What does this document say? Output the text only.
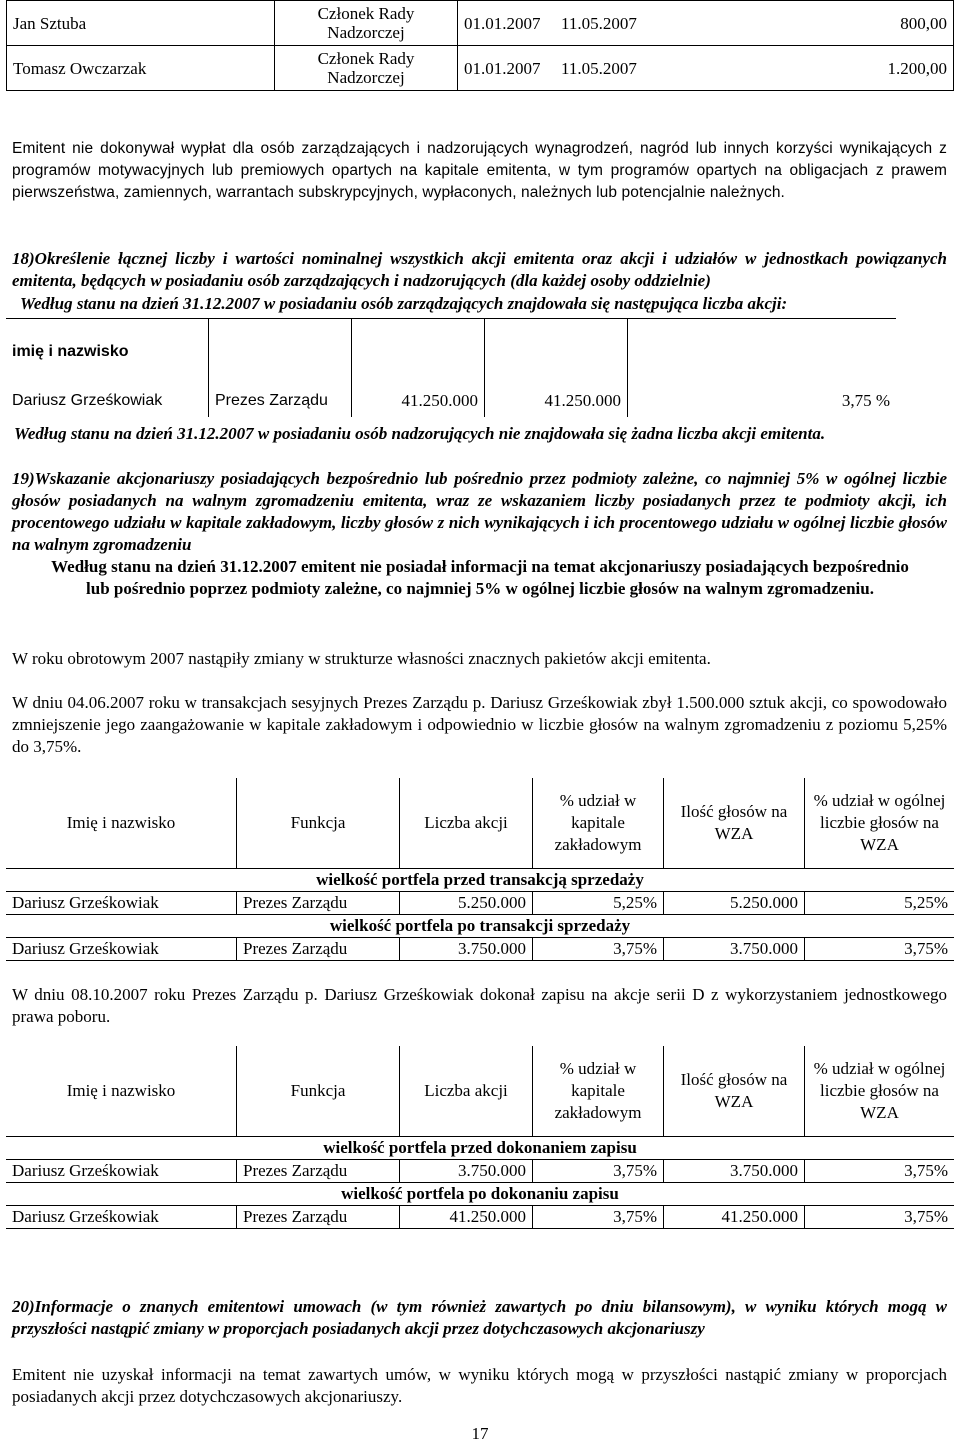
Jan Sztuba	Członek Rady Nadzorczej	01.01.2007 11.05.2007	800,00
Tomasz Owczarzak	Członek Rady Nadzorczej	01.01.2007 11.05.2007	1.200,00
Emitent nie dokonywał wypłat dla osób zarządzających i nadzorujących wynagrodzeń, nagród lub innych korzyści wynikających z programów motywacyjnych lub premiowych opartych na kapitale emitenta, w tym programów opartych na obligacjach z prawem pierwszeństwa, zamiennych, warrantach subskrypcyjnych, wypłaconych, należnych lub potencjalnie należnych.
18)Określenie łącznej liczby i wartości nominalnej wszystkich akcji emitenta oraz akcji i udziałów w jednostkach powiązanych emitenta, będących w posiadaniu osób zarządzających i nadzorujących (dla każdej osoby oddzielnie)
Według stanu na dzień 31.12.2007 w posiadaniu osób zarządzających znajdowała się następująca liczba akcji:
imię i nazwisko				
Dariusz Grześkowiak	Prezes Zarządu	41.250.000	41.250.000	3,75 %
Według stanu na dzień 31.12.2007 w posiadaniu osób nadzorujących nie znajdowała się żadna liczba akcji emitenta.
19)Wskazanie akcjonariuszy posiadających bezpośrednio lub pośrednio przez podmioty zależne, co najmniej 5% w ogólnej liczbie głosów posiadanych na walnym zgromadzeniu emitenta, wraz ze wskazaniem liczby posiadanych przez te podmioty akcji, ich procentowego udziału w kapitale zakładowym, liczby głosów z nich wynikających i ich procentowego udziału w ogólnej liczbie głosów na walnym zgromadzeniu
Według stanu na dzień 31.12.2007 emitent nie posiadał informacji na temat akcjonariuszy posiadających bezpośrednio lub pośrednio poprzez podmioty zależne, co najmniej 5% w ogólnej liczbie głosów na walnym zgromadzeniu.
W roku obrotowym 2007 nastąpiły zmiany w strukturze własności znacznych pakietów akcji emitenta.
W dniu 04.06.2007 roku w transakcjach sesyjnych Prezes Zarządu p. Dariusz Grześkowiak zbył 1.500.000 sztuk akcji, co spowodowało zmniejszenie jego zaangażowanie w kapitale zakładowym i odpowiednio w liczbie głosów na walnym zgromadzeniu z poziomu 5,25% do 3,75%.
Imię i nazwisko	Funkcja	Liczba akcji	% udział w kapitale zakładowym	Ilość głosów na WZA	% udział w ogólnej liczbie głosów na WZA
wielkość portfela przed transakcją sprzedaży					
Dariusz Grześkowiak	Prezes Zarządu	5.250.000	5,25%	5.250.000	5,25%
wielkość portfela po transakcji sprzedaży					
Dariusz Grześkowiak	Prezes Zarządu	3.750.000	3,75%	3.750.000	3,75%
W dniu 08.10.2007 roku Prezes Zarządu p. Dariusz Grześkowiak dokonał zapisu na akcje serii D z wykorzystaniem jednostkowego prawa poboru.
Imię i nazwisko	Funkcja	Liczba akcji	% udział w kapitale zakładowym	Ilość głosów na WZA	% udział w ogólnej liczbie głosów na WZA
wielkość portfela przed dokonaniem zapisu					
Dariusz Grześkowiak	Prezes Zarządu	3.750.000	3,75%	3.750.000	3,75%
wielkość portfela po dokonaniu zapisu					
Dariusz Grześkowiak	Prezes Zarządu	41.250.000	3,75%	41.250.000	3,75%
20)Informacje o znanych emitentowi umowach (w tym również zawartych po dniu bilansowym), w wyniku których mogą w przyszłości nastąpić zmiany w proporcjach posiadanych akcji przez dotychczasowych akcjonariuszy
Emitent nie uzyskał informacji na temat zawartych umów, w wyniku których mogą w przyszłości nastąpić zmiany w proporcjach posiadanych akcji przez dotychczasowych akcjonariuszy.
17
